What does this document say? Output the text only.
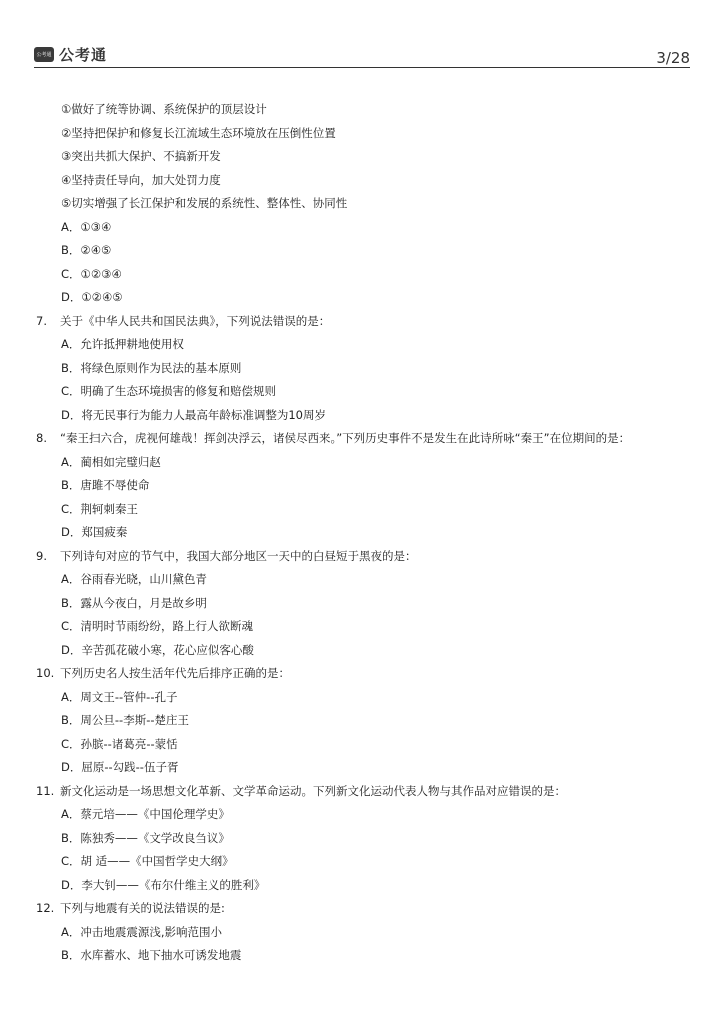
公考通 公考通	3/28
①做好了统等协调、系统保护的顶层设计
②坚持把保护和修复长江流域生态环境放在压倒性位置
③突出共抓大保护、不搞新开发
④坚持责任导向，加大处罚力度
⑤切实增强了长江保护和发展的系统性、整体性、协同性
A．①③④
B．②④⑤
C．①②③④
D．①②④⑤
7.	关于《中华人民共和国民法典》，下列说法错误的是：
A．允许抵押耕地使用权
B．将绿色原则作为民法的基本原则
C．明确了生态环境损害的修复和赔偿规则
D．将无民事行为能力人最高年龄标准调整为10周岁
8.	“秦王扫六合，虎视何雄哉！挥剑决浮云，诸侯尽西来。”下列历史事件不是发生在此诗所咏“秦王”在位期间的是：
A．蔺相如完璧归赵
B．唐雎不辱使命
C．荆轲刺秦王
D．郑国疲秦
9.	下列诗句对应的节气中，我国大部分地区一天中的白昼短于黑夜的是：
A．谷雨春光晓，山川黛色青
B．露从今夜白，月是故乡明
C．清明时节雨纷纷，路上行人欲断魂
D．辛苦孤花破小寒，花心应似客心酸
10. 下列历史名人按生活年代先后排序正确的是：
A．周文王--管仲--孔子
B．周公旦--李斯--楚庄王
C．孙膑--诸葛亮--蒙恬
D．屈原--勾践--伍子胥
11. 新文化运动是一场思想文化革新、文学革命运动。下列新文化运动代表人物与其作品对应错误的是：
A．蔡元培——《中国伦理学史》
B．陈独秀——《文学改良刍议》
C．胡 适——《中国哲学史大纲》
D．李大钊——《布尔什维主义的胜利》
12. 下列与地震有关的说法错误的是:
A．冲击地震震源浅,影响范围小
B．水库蓄水、地下抽水可诱发地震
